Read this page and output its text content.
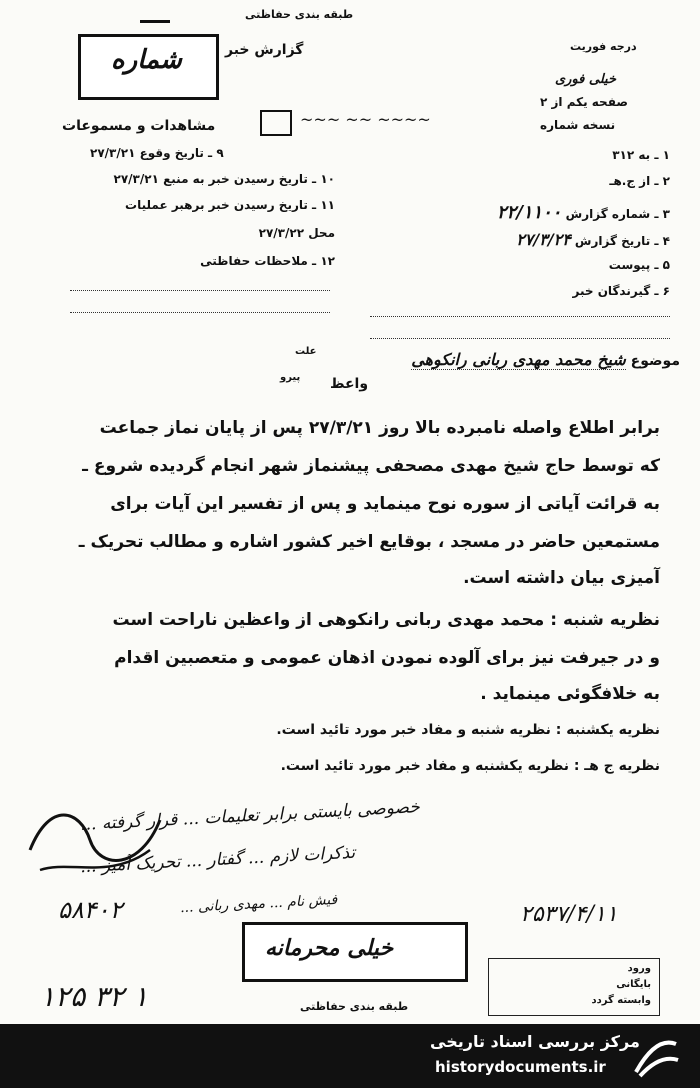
طبقه بندی حفاظتی
درجه فوریت
گزارش خبر
شماره
خیلی فوری
صفحه یکم از ۲
مشاهدات و مسموعات	نسخه شماره
~~~ ~~ ~~~~
۹ ـ تاریخ وقوع ۲۷/۳/۲۱
۱۰ ـ تاریخ رسیدن خبر به منبع ۲۷/۳/۲۱
۱۱ ـ تاریخ رسیدن خبر برهبر عملیات
محل ۲۷/۳/۲۲
۱۲ ـ ملاحظات حفاظتی
۱ ـ به ۳۱۲
۲ ـ از ج.هـ
۳ ـ شماره گزارش ۲۲/۱۱۰۰
۴ ـ تاریخ گزارش ۲۷/۳/۲۴
۵ ـ پیوست
۶ ـ گیرندگان خبر
موضوع شیخ محمد مهدی ربانی رانکوهی
علت
پیرو واعظ
برابر اطلاع واصله نامبرده بالا روز ۲۷/۳/۲۱ پس از پایان نماز جماعت
که توسط حاج شیخ مهدی مصحفی پیشنماز شهر انجام گردیده شروع ـ
به قرائت آیاتی از سوره نوح مینماید و پس از تفسیر این آیات برای
مستمعین حاضر در مسجد ، بوقایع اخیر کشور اشاره و مطالب تحریک ـ
آمیزی بیان داشته است.
نظریه شنبه : محمد مهدی ربانی رانکوهی از واعظین ناراحت است
و در جیرفت نیز برای آلوده نمودن اذهان عمومی و متعصبین اقدام
به خلافگوئی مینماید .
نظریه یکشنبه : نظریه شنبه و مفاد خبر مورد تائید است.
نظریه ج هـ : نظریه یکشنبه و مفاد خبر مورد تائید است.
خصوصی بایستی برابر تعلیمات ... قرار گرفته ...
تذکرات لازم ... گفتار ... تحریک آمیز ...
فیش نام ... مهدی ربانی ...
۵۸۴۰۲	۲۵۳۷/۴/۱۱
۱۲۵ ۳۲ ۱
خیلی محرمانه
ورود
بایگانی
وابسته گردد
طبقه بندی حفاظتی
مرکز بررسی اسناد تاریخی
historydocuments.ir
